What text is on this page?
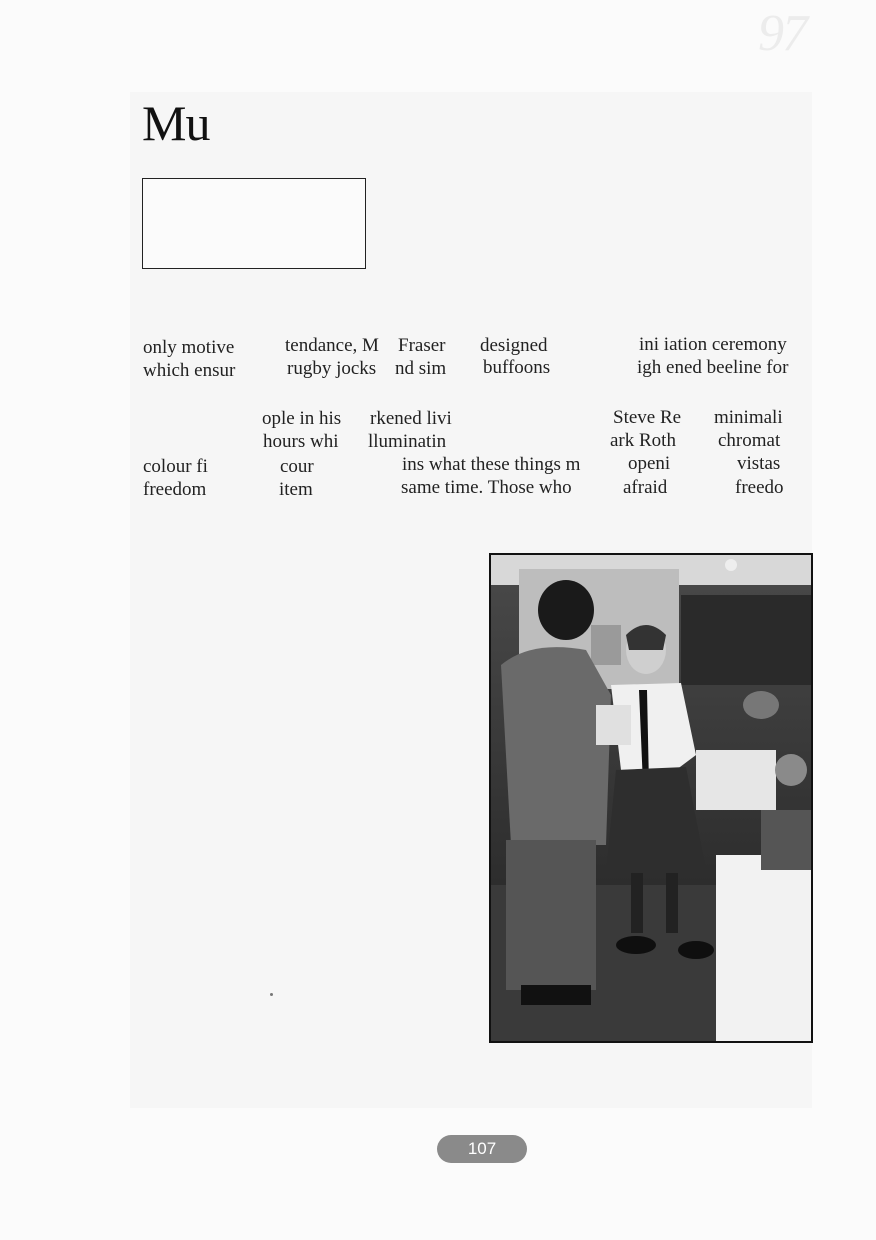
97
Mu
only motive	tendance, M Fraser designed	ini iation ceremony
which ensur	rugby jocks nd sim buffoons	igh ened beeline for
ople in his rkened livi	Steve Re minimali
hours whi lluminatin	ark Roth chromat
colour fi	cour	ins what these things m	openi	vistas
freedom	item	same time. Those who	afraid	freedo
107
